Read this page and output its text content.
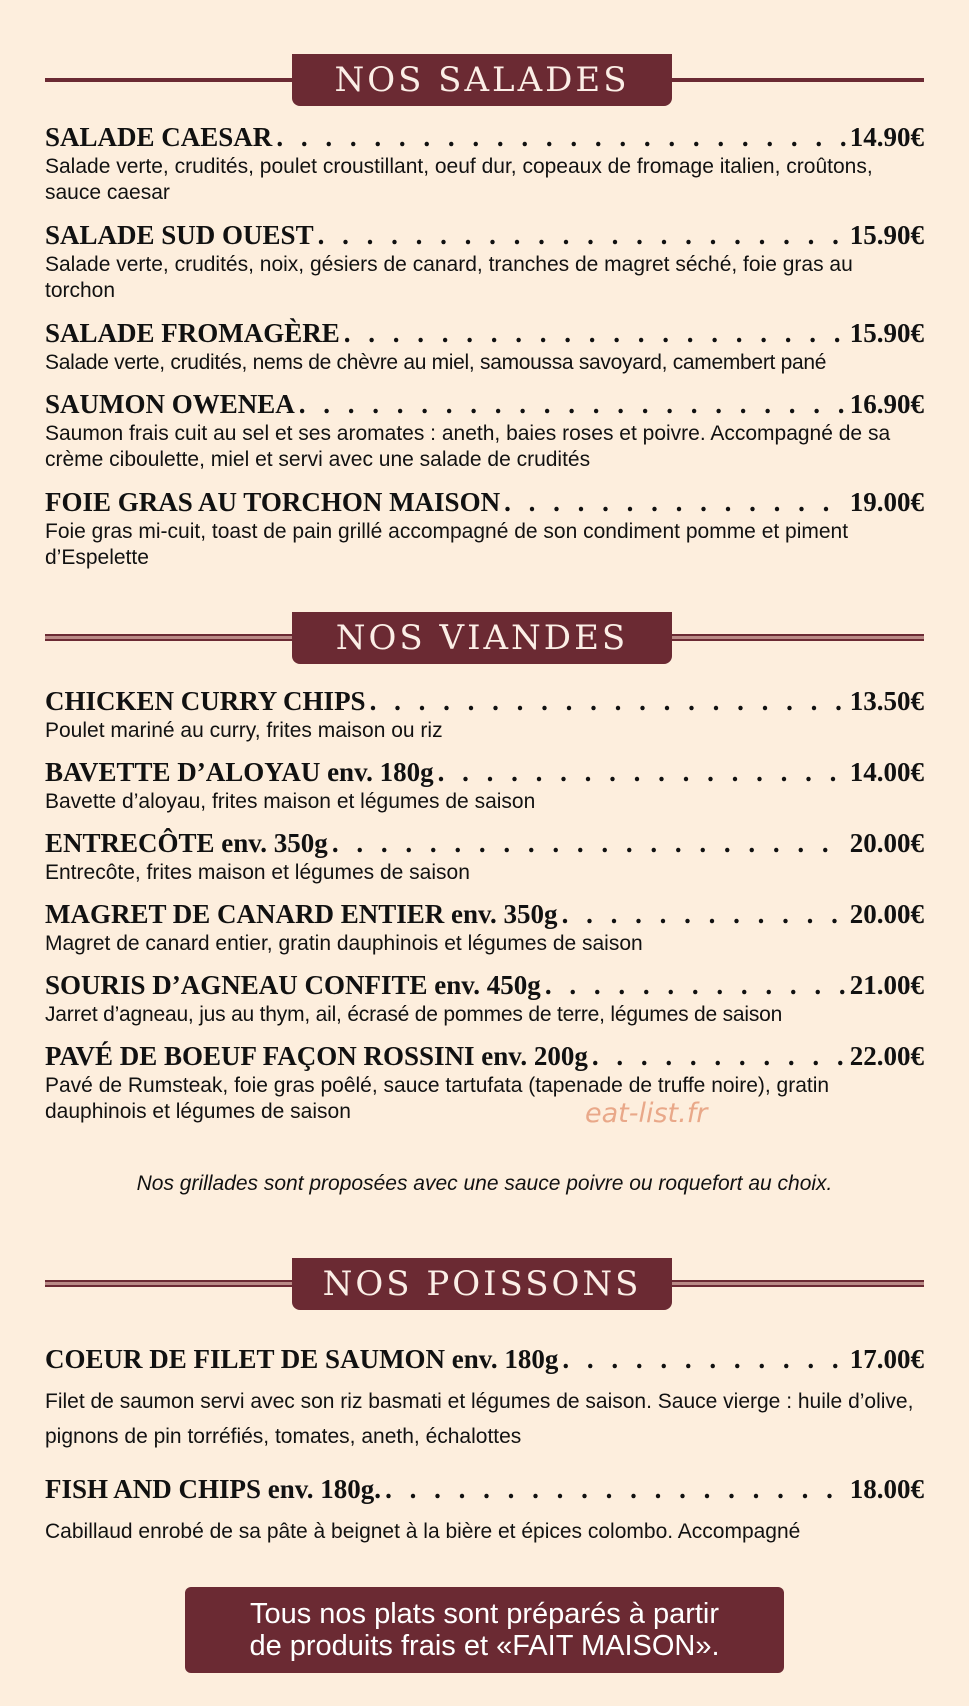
NOS SALADES
SALADE CAESAR . . .	14.90€
Salade verte, crudités, poulet croustillant, oeuf dur, copeaux de fromage italien, croûtons, sauce caesar
SALADE SUD OUEST . . .	15.90€
Salade verte, crudités, noix, gésiers de canard, tranches de magret séché, foie gras au torchon
SALADE FROMAGÈRE . . .	15.90€
Salade verte, crudités, nems de chèvre au miel, samoussa savoyard, camembert pané
SAUMON OWENEA . . .	16.90€
Saumon frais cuit au sel et ses aromates : aneth, baies roses et poivre. Accompagné de sa crème ciboulette, miel et servi avec une salade de crudités
FOIE GRAS AU TORCHON MAISON . . .	19.00€
Foie gras mi-cuit, toast de pain grillé accompagné de son condiment pomme et piment d’Espelette
NOS VIANDES
CHICKEN CURRY CHIPS . . .	13.50€
Poulet mariné au curry, frites maison ou riz
BAVETTE D’ALOYAU env. 180g . . .	14.00€
Bavette d’aloyau, frites maison et légumes de saison
ENTRECÔTE env. 350g . . .	20.00€
Entrecôte, frites maison et légumes de saison
MAGRET DE CANARD ENTIER env. 350g . . .	20.00€
Magret de canard entier, gratin dauphinois et légumes de saison
SOURIS D’AGNEAU CONFITE env. 450g . . .	21.00€
Jarret d’agneau, jus au thym, ail, écrasé de pommes de terre, légumes de saison
PAVÉ DE BOEUF FAÇON ROSSINI env. 200g . . .	22.00€
Pavé de Rumsteak, foie gras poêlé, sauce tartufata (tapenade de truffe noire), gratin dauphinois et légumes de saison	eat-list.fr
Nos grillades sont proposées avec une sauce poivre ou roquefort au choix.
NOS POISSONS
COEUR DE FILET DE SAUMON env. 180g . . .	17.00€
Filet de saumon servi avec son riz basmati et légumes de saison. Sauce vierge : huile d’olive, pignons de pin torréfiés, tomates, aneth, échalottes
FISH AND CHIPS env. 180g. . . .	18.00€
Cabillaud enrobé de sa pâte à beignet à la bière et épices colombo. Accompagné
Tous nos plats sont préparés à partir
de produits frais et «FAIT MAISON».
